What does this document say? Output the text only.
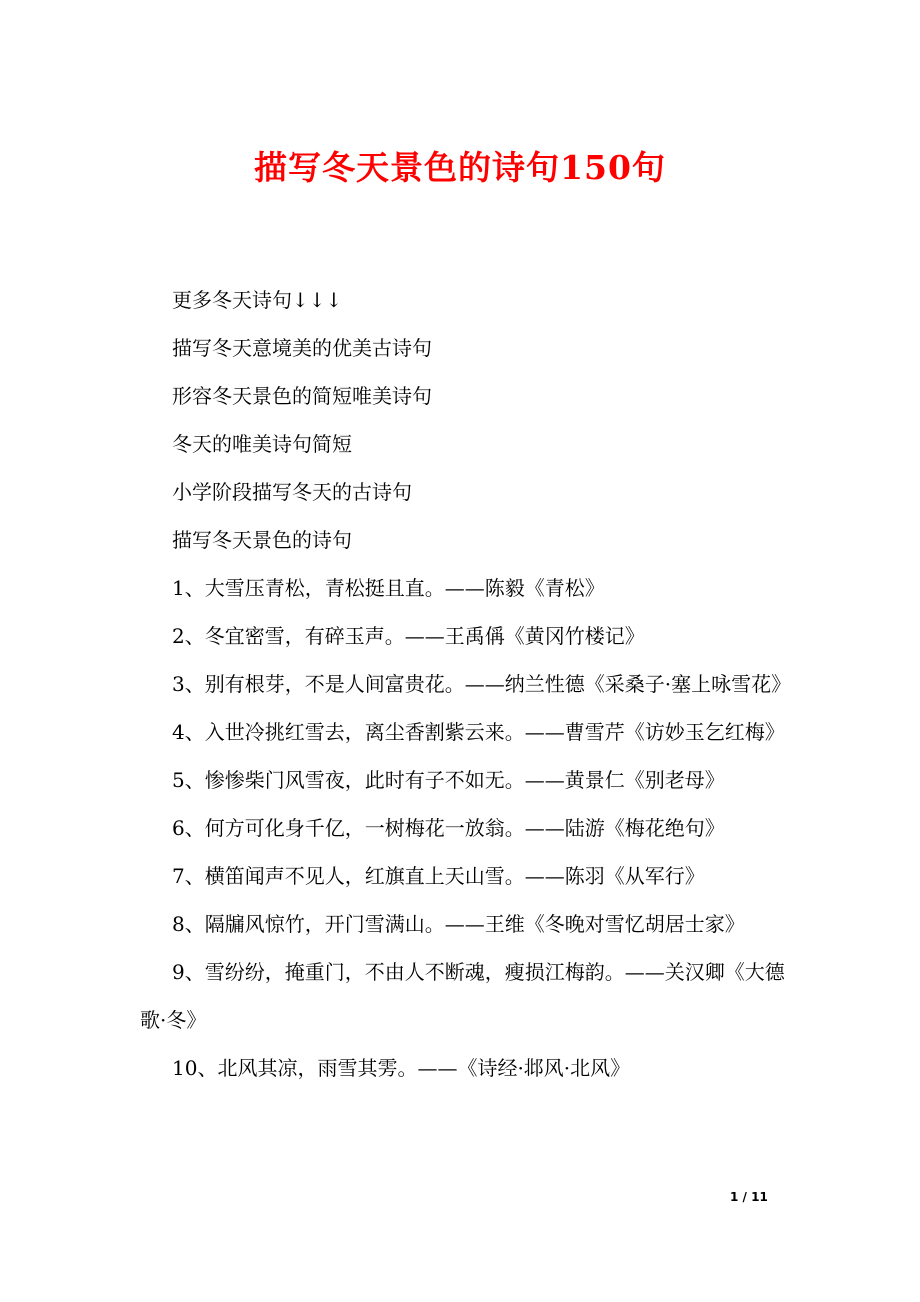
描写冬天景色的诗句150句

更多冬天诗句↓↓↓

描写冬天意境美的优美古诗句

形容冬天景色的简短唯美诗句

冬天的唯美诗句简短

小学阶段描写冬天的古诗句

描写冬天景色的诗句

1、大雪压青松，青松挺且直。——陈毅《青松》

2、冬宜密雪，有碎玉声。——王禹偁《黄冈竹楼记》

3、别有根芽，不是人间富贵花。——纳兰性德《采桑子·塞上咏雪花》

4、入世冷挑红雪去，离尘香割紫云来。——曹雪芹《访妙玉乞红梅》

5、惨惨柴门风雪夜，此时有子不如无。——黄景仁《别老母》

6、何方可化身千亿，一树梅花一放翁。——陆游《梅花绝句》

7、横笛闻声不见人，红旗直上天山雪。——陈羽《从军行》

8、隔牖风惊竹，开门雪满山。——王维《冬晚对雪忆胡居士家》

9、雪纷纷，掩重门，不由人不断魂，瘦损江梅韵。——关汉卿《大德歌·冬》

10、北风其凉，雨雪其雱。——《诗经·邶风·北风》

1 / 11
